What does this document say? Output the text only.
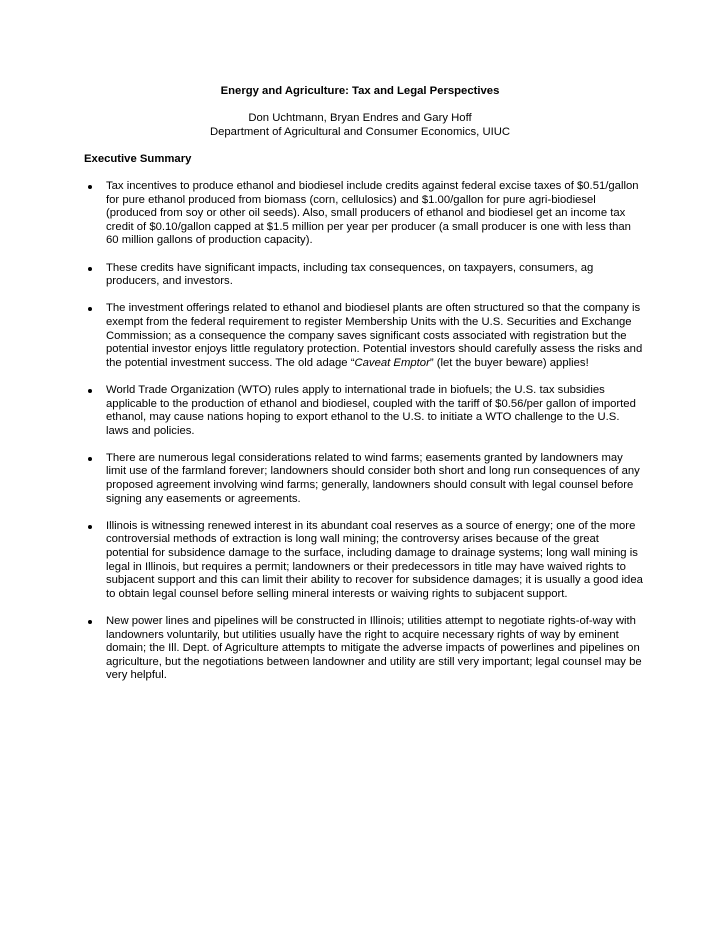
Energy and Agriculture: Tax and Legal Perspectives
Don Uchtmann, Bryan Endres and Gary Hoff
Department of Agricultural and Consumer Economics, UIUC
Executive Summary
Tax incentives to produce ethanol and biodiesel include credits against federal excise taxes of $0.51/gallon for pure ethanol produced from biomass (corn, cellulosics) and $1.00/gallon for pure agri-biodiesel (produced from soy or other oil seeds). Also, small producers of ethanol and biodiesel get an income tax credit of $0.10/gallon capped at $1.5 million per year per producer (a small producer is one with less than 60 million gallons of production capacity).
These credits have significant impacts, including tax consequences, on taxpayers, consumers, ag producers, and investors.
The investment offerings related to ethanol and biodiesel plants are often structured so that the company is exempt from the federal requirement to register Membership Units with the U.S. Securities and Exchange Commission; as a consequence the company saves significant costs associated with registration but the potential investor enjoys little regulatory protection. Potential investors should carefully assess the risks and the potential investment success. The old adage “Caveat Emptor” (let the buyer beware) applies!
World Trade Organization (WTO) rules apply to international trade in biofuels; the U.S. tax subsidies applicable to the production of ethanol and biodiesel, coupled with the tariff of $0.56/per gallon of imported ethanol, may cause nations hoping to export ethanol to the U.S. to initiate a WTO challenge to the U.S. laws and policies.
There are numerous legal considerations related to wind farms; easements granted by landowners may limit use of the farmland forever; landowners should consider both short and long run consequences of any proposed agreement involving wind farms; generally, landowners should consult with legal counsel before signing any easements or agreements.
Illinois is witnessing renewed interest in its abundant coal reserves as a source of energy; one of the more controversial methods of extraction is long wall mining; the controversy arises because of the great potential for subsidence damage to the surface, including damage to drainage systems; long wall mining is legal in Illinois, but requires a permit; landowners or their predecessors in title may have waived rights to subjacent support and this can limit their ability to recover for subsidence damages; it is usually a good idea to obtain legal counsel before selling mineral interests or waiving rights to subjacent support.
New power lines and pipelines will be constructed in Illinois; utilities attempt to negotiate rights-of-way with landowners voluntarily, but utilities usually have the right to acquire necessary rights of way by eminent domain; the Ill. Dept. of Agriculture attempts to mitigate the adverse impacts of powerlines and pipelines on agriculture, but the negotiations between landowner and utility are still very important; legal counsel may be very helpful.
